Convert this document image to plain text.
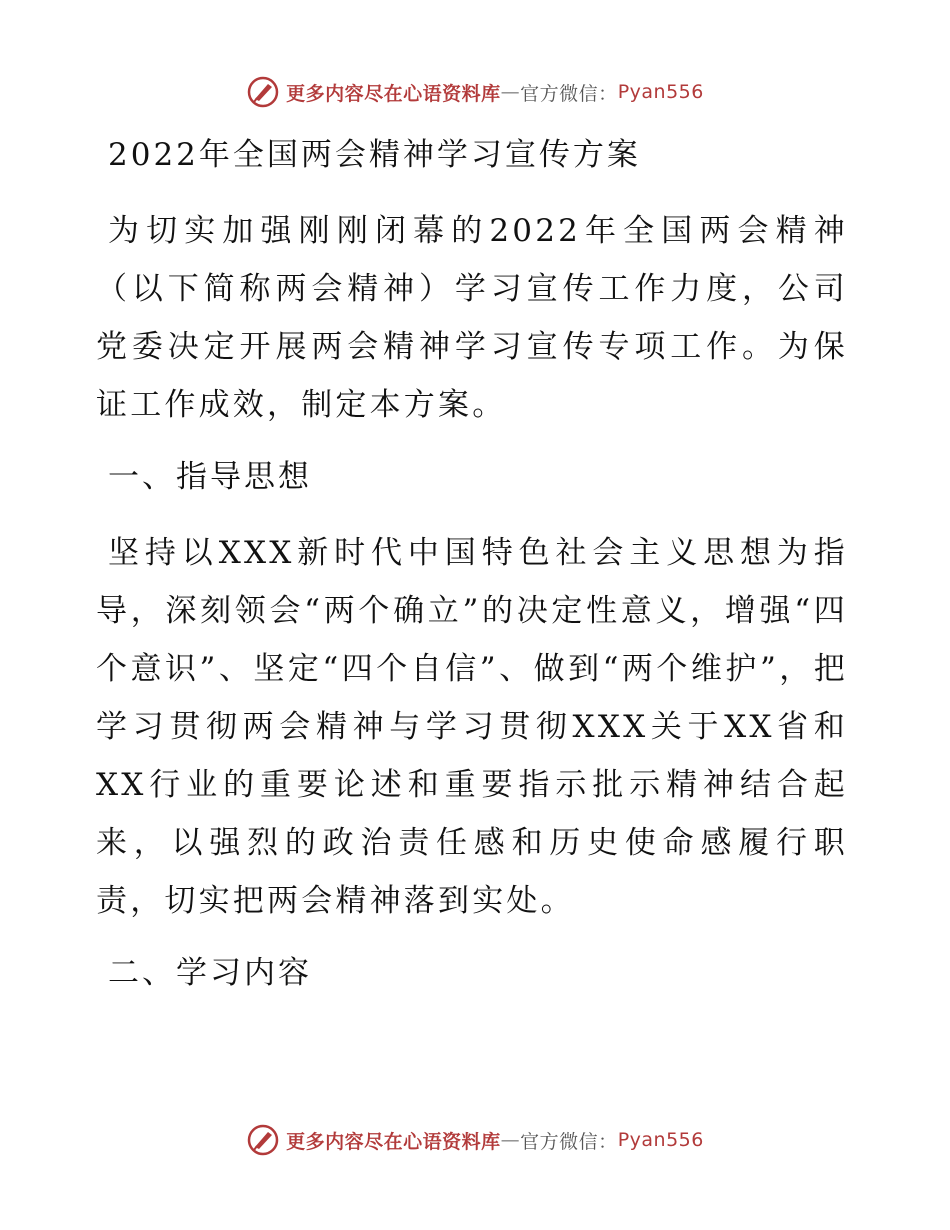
更多内容尽在心语资料库 — 官方微信： Pyan556
2022年全国两会精神学习宣传方案

为切实加强刚刚闭幕的2022年全国两会精神（以下简称两会精神）学习宣传工作力度，公司党委决定开展两会精神学习宣传专项工作。为保证工作成效，制定本方案。

一、指导思想

坚持以XXX新时代中国特色社会主义思想为指导，深刻领会“两个确立”的决定性意义，增强“四个意识”、坚定“四个自信”、做到“两个维护”，把学习贯彻两会精神与学习贯彻XXX关于XX省和XX行业的重要论述和重要指示批示精神结合起来，以强烈的政治责任感和历史使命感履行职责，切实把两会精神落到实处。

二、学习内容
更多内容尽在心语资料库 — 官方微信： Pyan556
